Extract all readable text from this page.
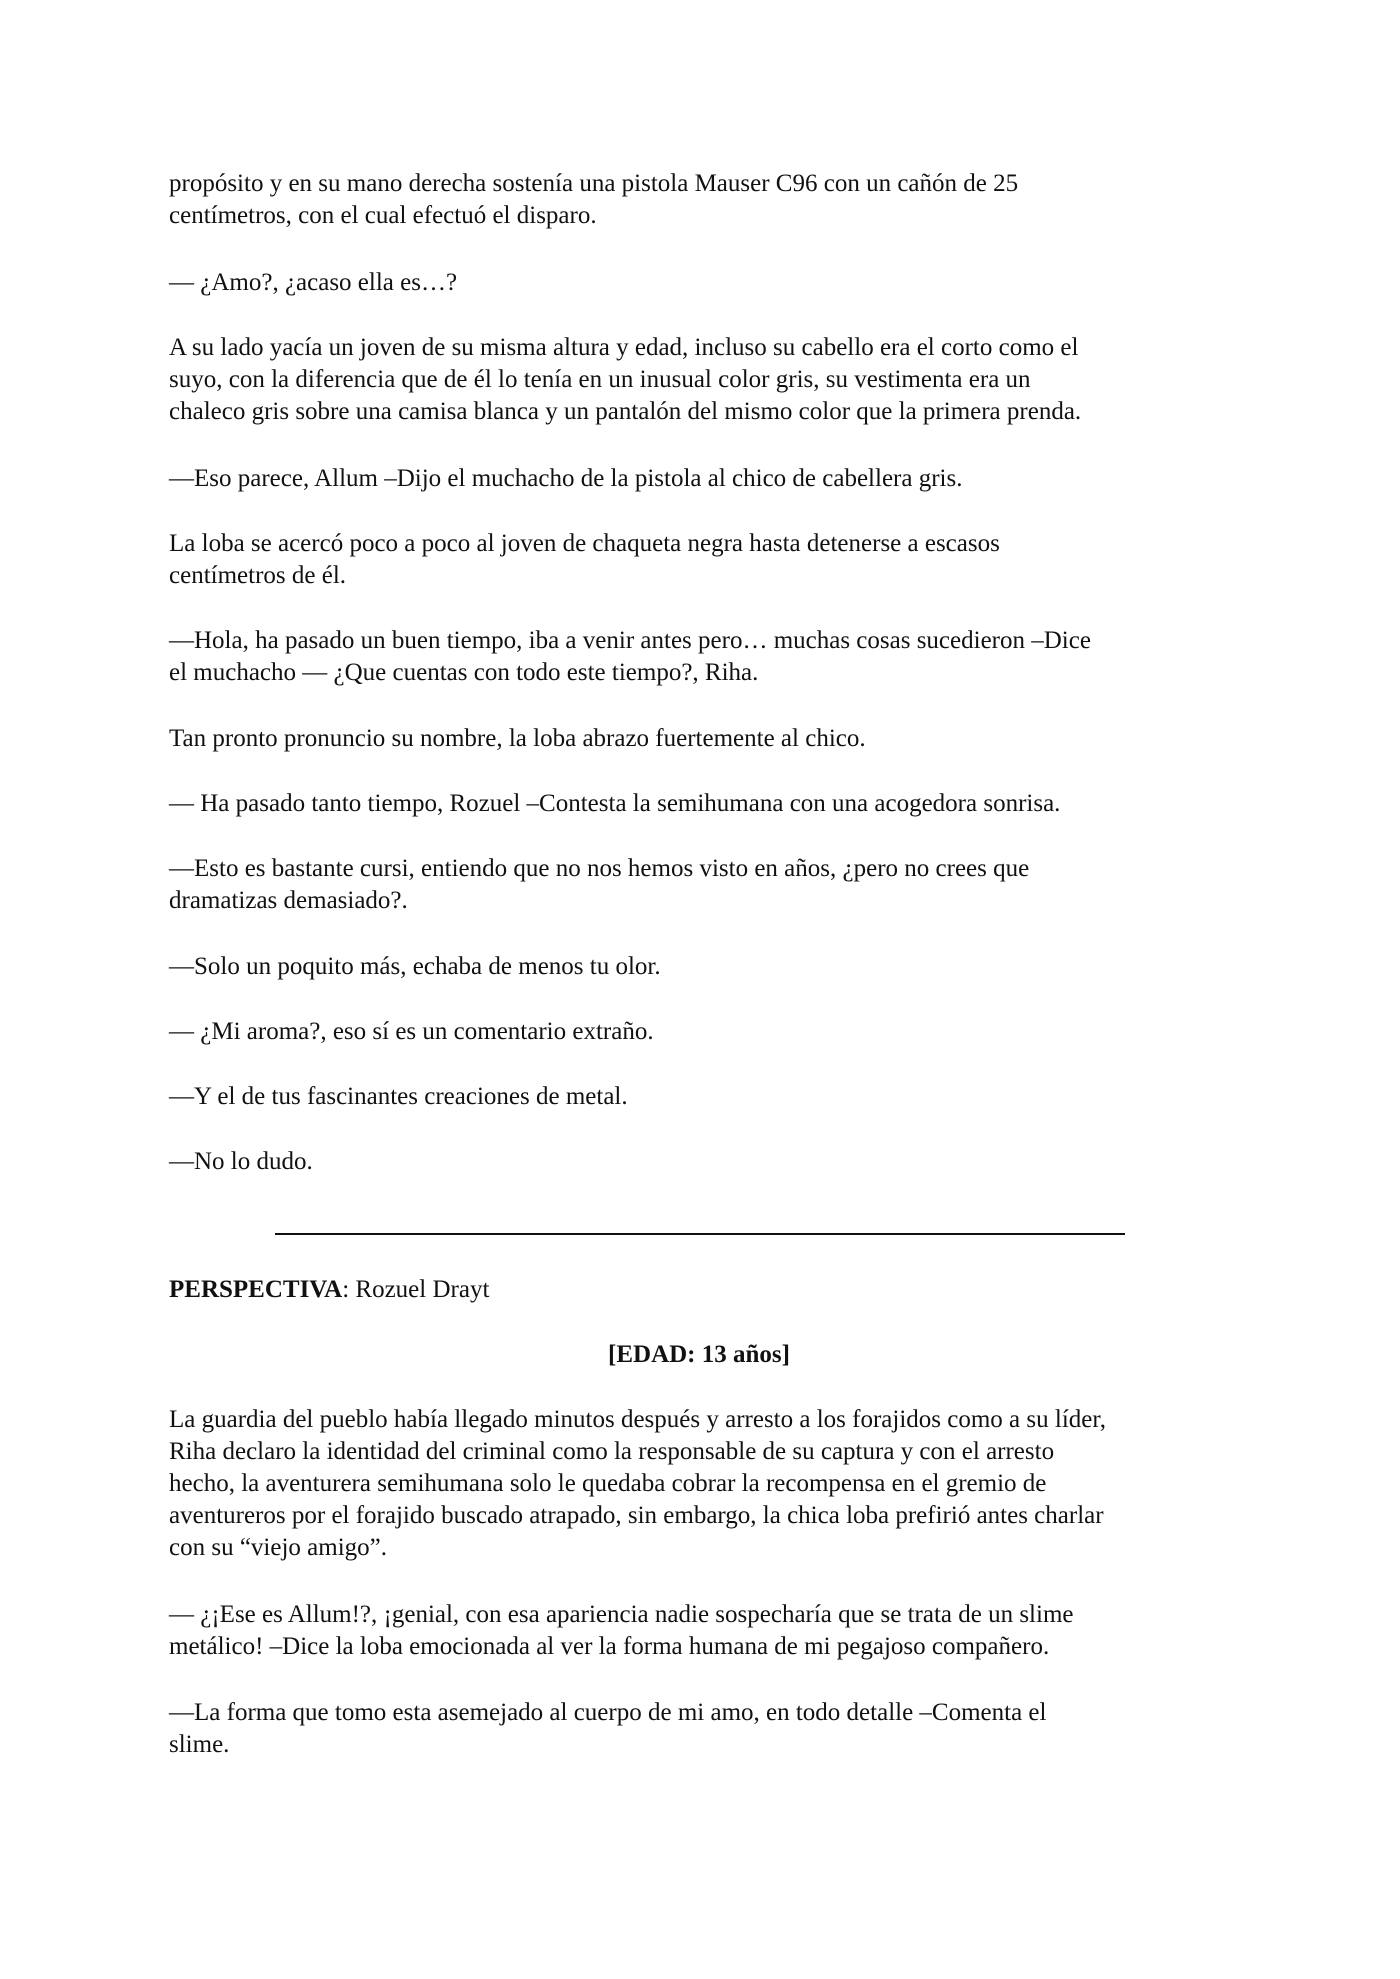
propósito y en su mano derecha sostenía una pistola Mauser C96 con un cañón de 25
centímetros, con el cual efectuó el disparo.

— ¿Amo?, ¿acaso ella es…?

A su lado yacía un joven de su misma altura y edad, incluso su cabello era el corto como el
suyo, con la diferencia que de él lo tenía en un inusual color gris, su vestimenta era un
chaleco gris sobre una camisa blanca y un pantalón del mismo color que la primera prenda.

—Eso parece, Allum –Dijo el muchacho de la pistola al chico de cabellera gris.

La loba se acercó poco a poco al joven de chaqueta negra hasta detenerse a escasos
centímetros de él.

—Hola, ha pasado un buen tiempo, iba a venir antes pero… muchas cosas sucedieron –Dice
el muchacho — ¿Que cuentas con todo este tiempo?, Riha.

Tan pronto pronuncio su nombre, la loba abrazo fuertemente al chico.

— Ha pasado tanto tiempo, Rozuel –Contesta la semihumana con una acogedora sonrisa.

—Esto es bastante cursi, entiendo que no nos hemos visto en años, ¿pero no crees que
dramatizas demasiado?.

—Solo un poquito más, echaba de menos tu olor.

— ¿Mi aroma?, eso sí es un comentario extraño.

—Y el de tus fascinantes creaciones de metal.

—No lo dudo.

PERSPECTIVA: Rozuel Drayt

[EDAD: 13 años]

La guardia del pueblo había llegado minutos después y arresto a los forajidos como a su líder,
Riha declaro la identidad del criminal como la responsable de su captura y con el arresto
hecho, la aventurera semihumana solo le quedaba cobrar la recompensa en el gremio de
aventureros por el forajido buscado atrapado, sin embargo, la chica loba prefirió antes charlar
con su “viejo amigo”.

— ¿¡Ese es Allum!?, ¡genial, con esa apariencia nadie sospecharía que se trata de un slime
metálico! –Dice la loba emocionada al ver la forma humana de mi pegajoso compañero.

—La forma que tomo esta asemejado al cuerpo de mi amo, en todo detalle –Comenta el
slime.
